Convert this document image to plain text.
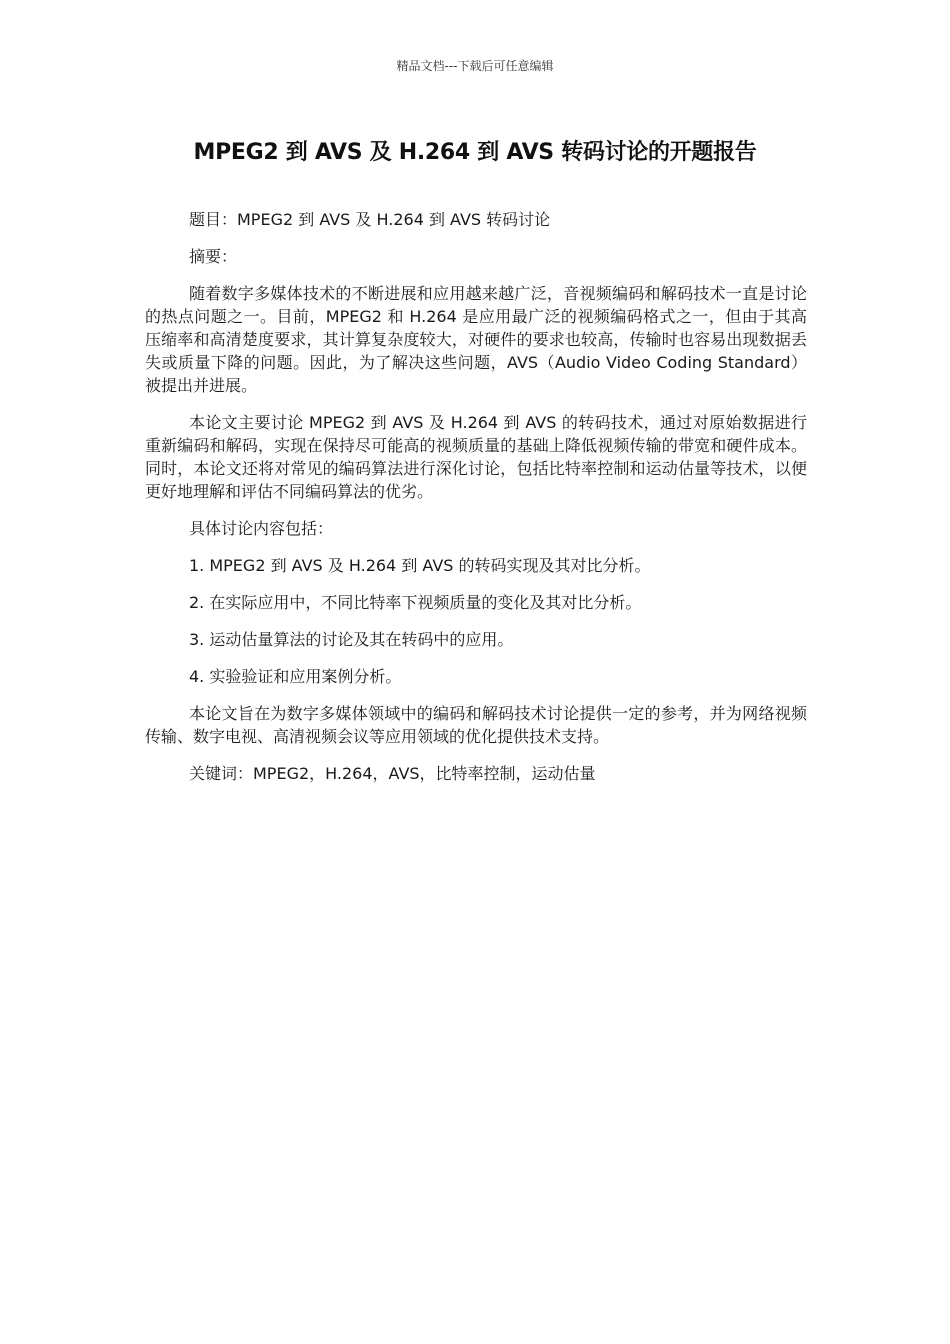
精品文档---下载后可任意编辑
MPEG2 到 AVS 及 H.264 到 AVS 转码讨论的开题报告

题目：MPEG2 到 AVS 及 H.264 到 AVS 转码讨论

摘要：

随着数字多媒体技术的不断进展和应用越来越广泛，音视频编码和解码技术一直是讨论的热点问题之一。目前，MPEG2 和 H.264 是应用最广泛的视频编码格式之一，但由于其高压缩率和高清楚度要求，其计算复杂度较大，对硬件的要求也较高，传输时也容易出现数据丢失或质量下降的问题。因此，为了解决这些问题，AVS（Audio Video Coding Standard）被提出并进展。

本论文主要讨论 MPEG2 到 AVS 及 H.264 到 AVS 的转码技术，通过对原始数据进行重新编码和解码，实现在保持尽可能高的视频质量的基础上降低视频传输的带宽和硬件成本。同时，本论文还将对常见的编码算法进行深化讨论，包括比特率控制和运动估量等技术，以便更好地理解和评估不同编码算法的优劣。

具体讨论内容包括：

1. MPEG2 到 AVS 及 H.264 到 AVS 的转码实现及其对比分析。

2. 在实际应用中，不同比特率下视频质量的变化及其对比分析。

3. 运动估量算法的讨论及其在转码中的应用。

4. 实验验证和应用案例分析。

本论文旨在为数字多媒体领域中的编码和解码技术讨论提供一定的参考，并为网络视频传输、数字电视、高清视频会议等应用领域的优化提供技术支持。

关键词：MPEG2，H.264，AVS，比特率控制，运动估量
